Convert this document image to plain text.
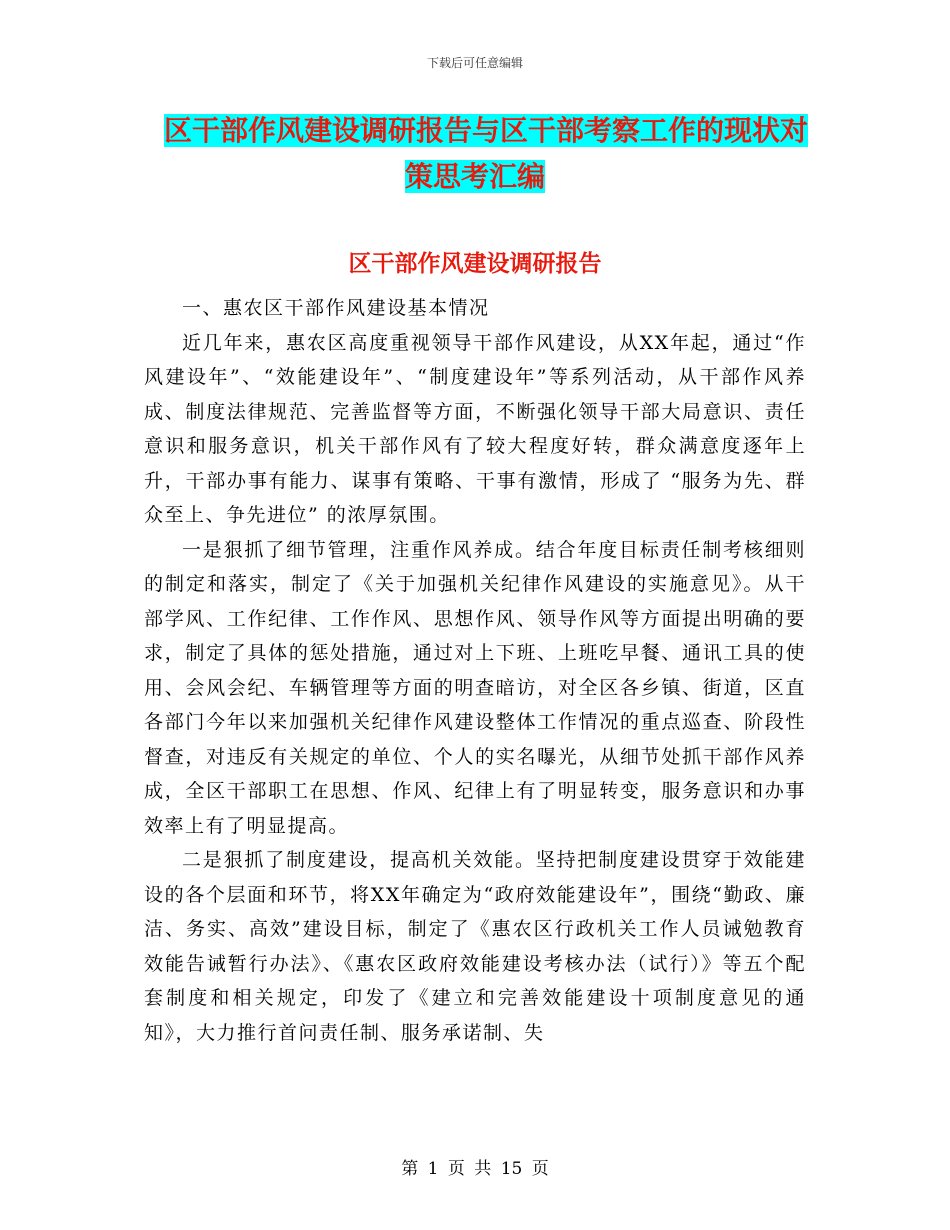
下载后可任意编辑
区干部作风建设调研报告与区干部考察工作的现状对
策思考汇编
区干部作风建设调研报告

一、惠农区干部作风建设基本情况

近几年来，惠农区高度重视领导干部作风建设，从XX年起，通过“作风建设年”、“效能建设年”、“制度建设年”等系列活动，从干部作风养成、制度法律规范、完善监督等方面，不断强化领导干部大局意识、责任意识和服务意识，机关干部作风有了较大程度好转，群众满意度逐年上升，干部办事有能力、谋事有策略、干事有激情，形成了 “服务为先、群众至上、争先进位” 的浓厚氛围。

一是狠抓了细节管理，注重作风养成。结合年度目标责任制考核细则的制定和落实，制定了《关于加强机关纪律作风建设的实施意见》。从干部学风、工作纪律、工作作风、思想作风、领导作风等方面提出明确的要求，制定了具体的惩处措施，通过对上下班、上班吃早餐、通讯工具的使用、会风会纪、车辆管理等方面的明查暗访，对全区各乡镇、街道，区直各部门今年以来加强机关纪律作风建设整体工作情况的重点巡查、阶段性督查，对违反有关规定的单位、个人的实名曝光，从细节处抓干部作风养成，全区干部职工在思想、作风、纪律上有了明显转变，服务意识和办事效率上有了明显提高。

二是狠抓了制度建设，提高机关效能。坚持把制度建设贯穿于效能建设的各个层面和环节，将XX年确定为“政府效能建设年”，围绕“勤政、廉洁、务实、高效”建设目标，制定了《惠农区行政机关工作人员诫勉教育效能告诫暂行办法》、《惠农区政府效能建设考核办法（试行）》等五个配套制度和相关规定，印发了《建立和完善效能建设十项制度意见的通知》，大力推行首问责任制、服务承诺制、失

第 1 页 共 15 页
